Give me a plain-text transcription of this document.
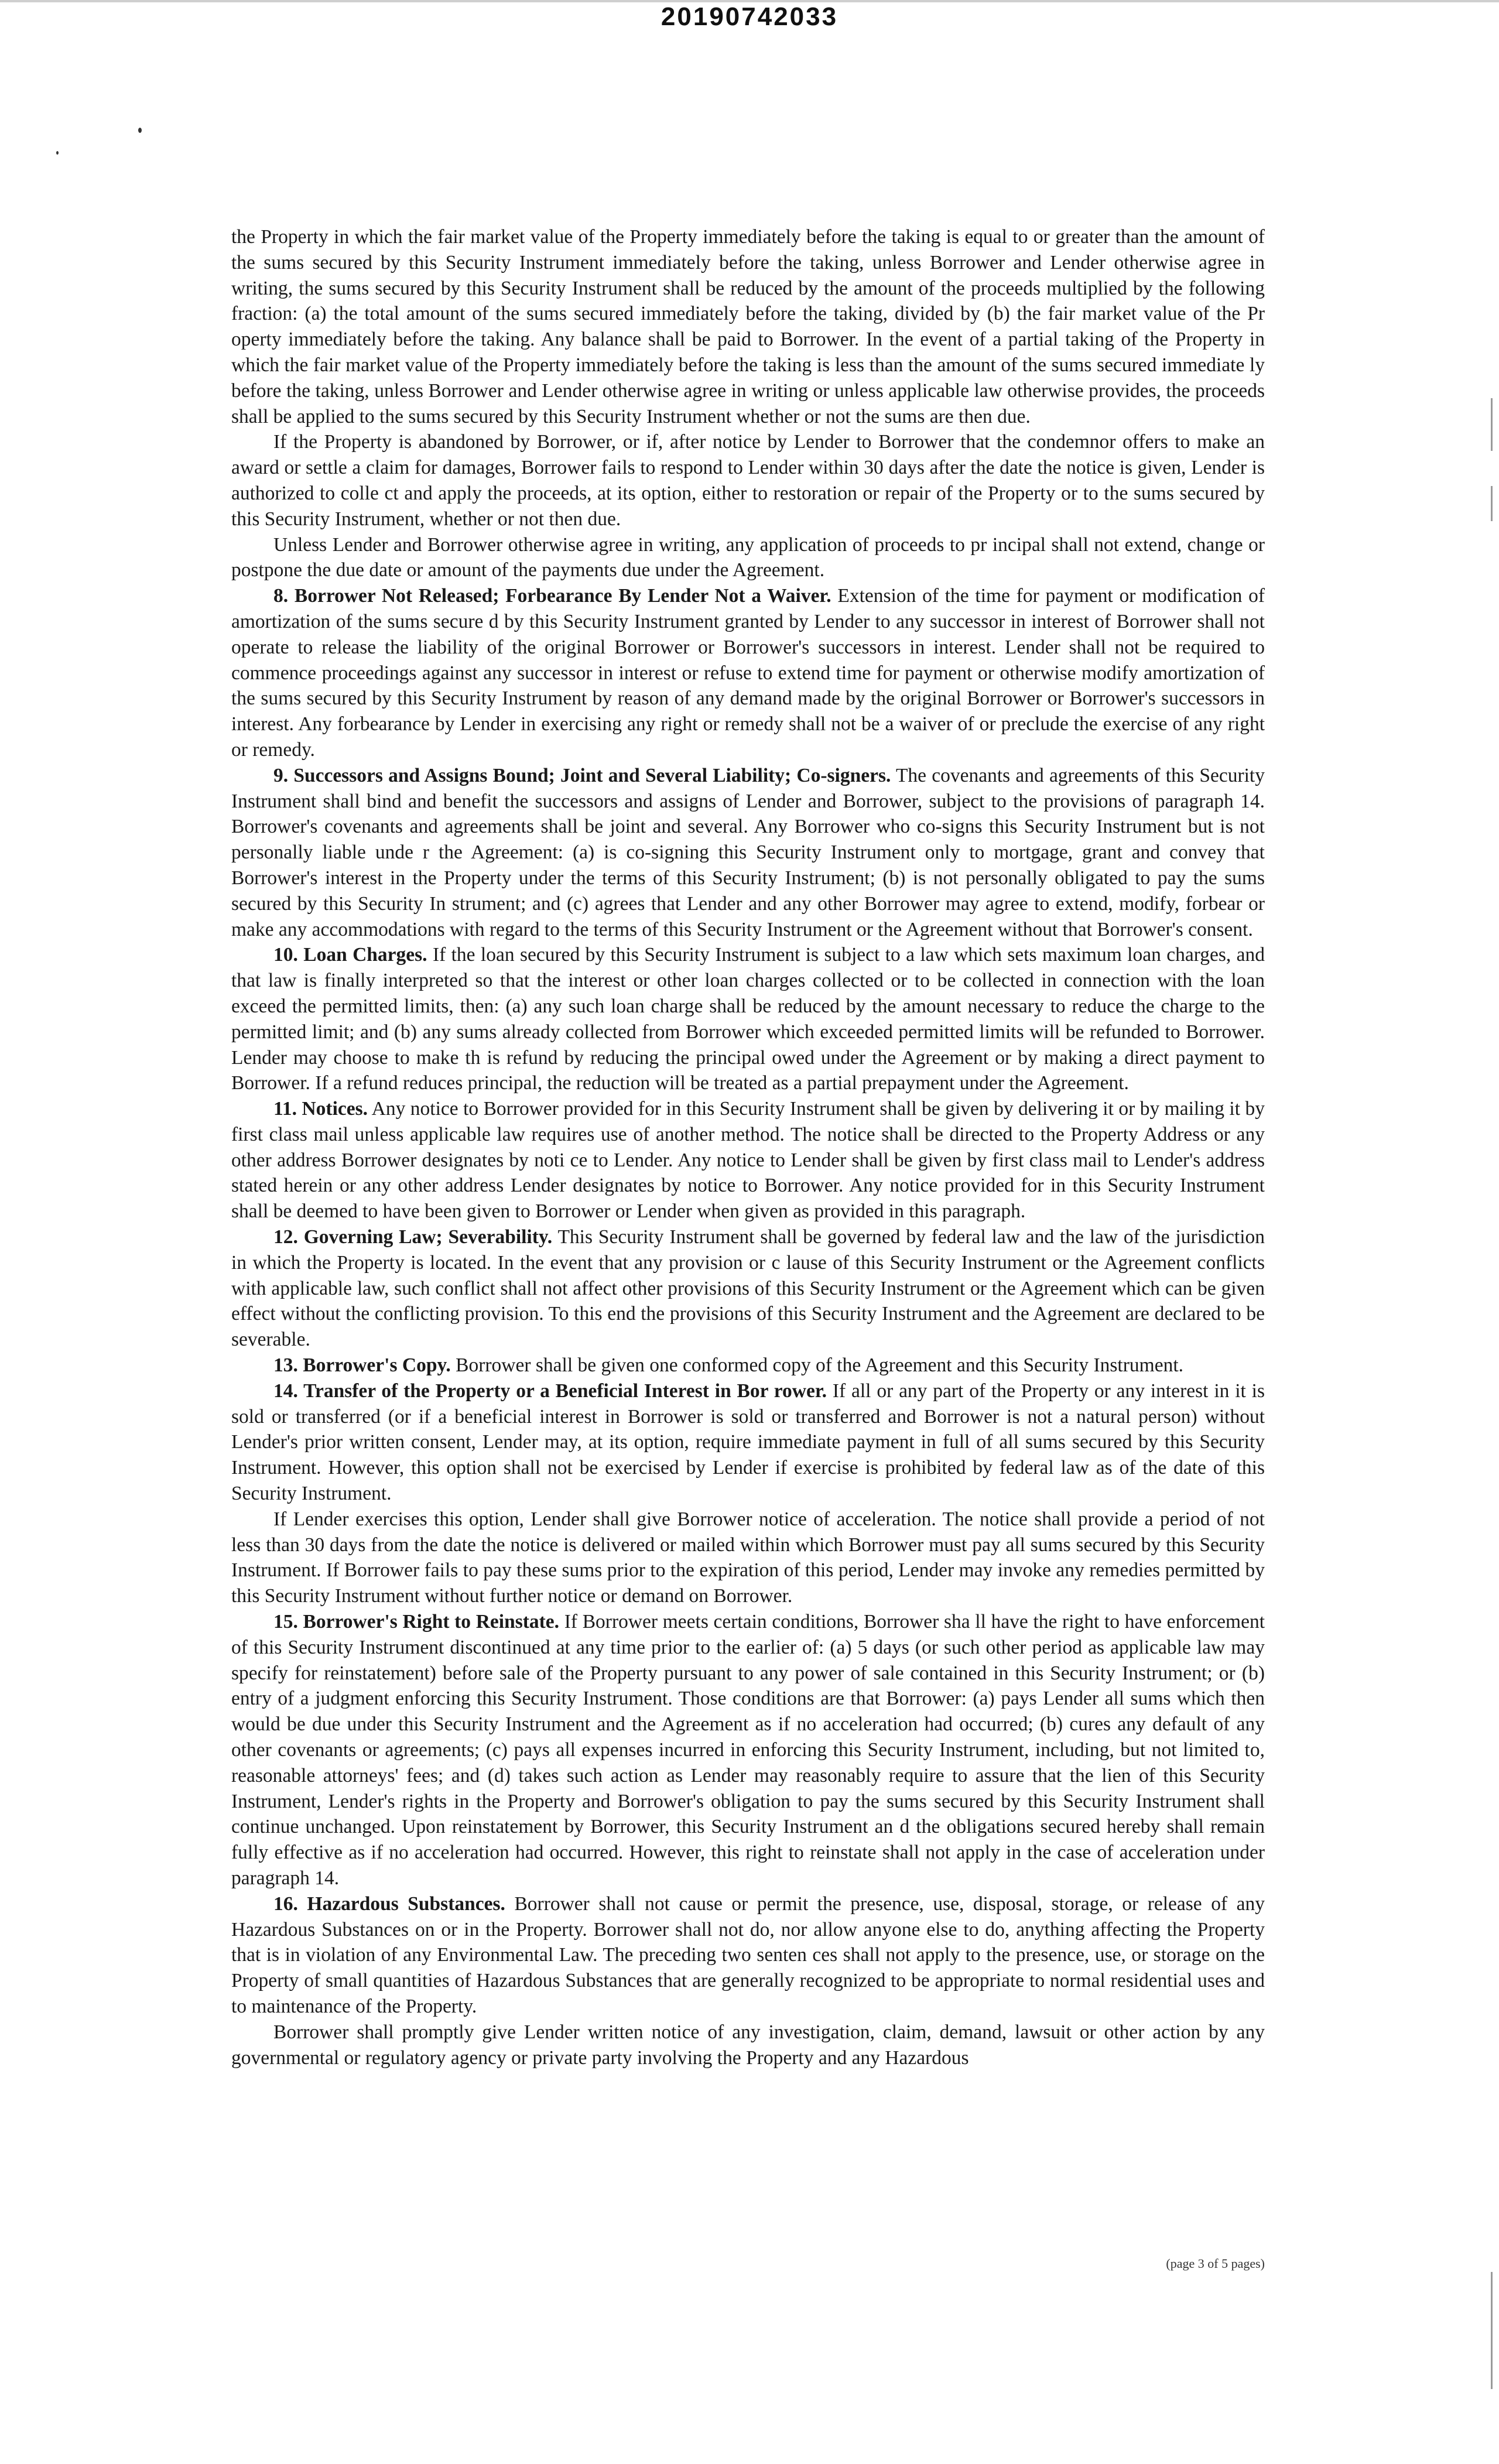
20190742033

the Property in which the fair market value of the Property immediately before the taking is equal to or greater than the amount of the sums secured by this Security Instrument immediately before the taking, unless Borrower and Lender otherwise agree in writing, the sums secured by this Security Instrument shall be reduced by the amount of the proceeds multiplied by the following fraction: (a) the total amount of the sums secured immediately before the taking, divided by (b) the fair market value of the Pr operty immediately before the taking. Any balance shall be paid to Borrower. In the event of a partial taking of the Property in which the fair market value of the Property immediately before the taking is less than the amount of the sums secured immediate ly before the taking, unless Borrower and Lender otherwise agree in writing or unless applicable law otherwise provides, the proceeds shall be applied to the sums secured by this Security Instrument whether or not the sums are then due.

If the Property is abandoned by Borrower, or if, after notice by Lender to Borrower that the condemnor offers to make an award or settle a claim for damages, Borrower fails to respond to Lender within 30 days after the date the notice is given, Lender is authorized to colle ct and apply the proceeds, at its option, either to restoration or repair of the Property or to the sums secured by this Security Instrument, whether or not then due.

Unless Lender and Borrower otherwise agree in writing, any application of proceeds to pr incipal shall not extend, change or postpone the due date or amount of the payments due under the Agreement.

8. Borrower Not Released; Forbearance By Lender Not a Waiver. Extension of the time for payment or modification of amortization of the sums secure d by this Security Instrument granted by Lender to any successor in interest of Borrower shall not operate to release the liability of the original Borrower or Borrower's successors in interest. Lender shall not be required to commence proceedings against any successor in interest or refuse to extend time for payment or otherwise modify amortization of the sums secured by this Security Instrument by reason of any demand made by the original Borrower or Borrower's successors in interest. Any forbearance by Lender in exercising any right or remedy shall not be a waiver of or preclude the exercise of any right or remedy.

9. Successors and Assigns Bound; Joint and Several Liability; Co-signers. The covenants and agreements of this Security Instrument shall bind and benefit the successors and assigns of Lender and Borrower, subject to the provisions of paragraph 14. Borrower's covenants and agreements shall be joint and several. Any Borrower who co-signs this Security Instrument but is not personally liable unde r the Agreement: (a) is co-signing this Security Instrument only to mortgage, grant and convey that Borrower's interest in the Property under the terms of this Security Instrument; (b) is not personally obligated to pay the sums secured by this Security In strument; and (c) agrees that Lender and any other Borrower may agree to extend, modify, forbear or make any accommodations with regard to the terms of this Security Instrument or the Agreement without that Borrower's consent.

10. Loan Charges. If the loan secured by this Security Instrument is subject to a law which sets maximum loan charges, and that law is finally interpreted so that the interest or other loan charges collected or to be collected in connection with the loan exceed the permitted limits, then: (a) any such loan charge shall be reduced by the amount necessary to reduce the charge to the permitted limit; and (b) any sums already collected from Borrower which exceeded permitted limits will be refunded to Borrower. Lender may choose to make th is refund by reducing the principal owed under the Agreement or by making a direct payment to Borrower. If a refund reduces principal, the reduction will be treated as a partial prepayment under the Agreement.

11. Notices. Any notice to Borrower provided for in this Security Instrument shall be given by delivering it or by mailing it by first class mail unless applicable law requires use of another method. The notice shall be directed to the Property Address or any other address Borrower designates by noti ce to Lender. Any notice to Lender shall be given by first class mail to Lender's address stated herein or any other address Lender designates by notice to Borrower. Any notice provided for in this Security Instrument shall be deemed to have been given to Borrower or Lender when given as provided in this paragraph.

12. Governing Law; Severability. This Security Instrument shall be governed by federal law and the law of the jurisdiction in which the Property is located. In the event that any provision or c lause of this Security Instrument or the Agreement conflicts with applicable law, such conflict shall not affect other provisions of this Security Instrument or the Agreement which can be given effect without the conflicting provision. To this end the provisions of this Security Instrument and the Agreement are declared to be severable.

13. Borrower's Copy. Borrower shall be given one conformed copy of the Agreement and this Security Instrument.

14. Transfer of the Property or a Beneficial Interest in Bor rower. If all or any part of the Property or any interest in it is sold or transferred (or if a beneficial interest in Borrower is sold or transferred and Borrower is not a natural person) without Lender's prior written consent, Lender may, at its option, require immediate payment in full of all sums secured by this Security Instrument. However, this option shall not be exercised by Lender if exercise is prohibited by federal law as of the date of this Security Instrument.

If Lender exercises this option, Lender shall give Borrower notice of acceleration. The notice shall provide a period of not less than 30 days from the date the notice is delivered or mailed within which Borrower must pay all sums secured by this Security Instrument. If Borrower fails to pay these sums prior to the expiration of this period, Lender may invoke any remedies permitted by this Security Instrument without further notice or demand on Borrower.

15. Borrower's Right to Reinstate. If Borrower meets certain conditions, Borrower sha ll have the right to have enforcement of this Security Instrument discontinued at any time prior to the earlier of: (a) 5 days (or such other period as applicable law may specify for reinstatement) before sale of the Property pursuant to any power of sale contained in this Security Instrument; or (b) entry of a judgment enforcing this Security Instrument. Those conditions are that Borrower: (a) pays Lender all sums which then would be due under this Security Instrument and the Agreement as if no acceleration had occurred; (b) cures any default of any other covenants or agreements; (c) pays all expenses incurred in enforcing this Security Instrument, including, but not limited to, reasonable attorneys' fees; and (d) takes such action as Lender may reasonably require to assure that the lien of this Security Instrument, Lender's rights in the Property and Borrower's obligation to pay the sums secured by this Security Instrument shall continue unchanged. Upon reinstatement by Borrower, this Security Instrument an d the obligations secured hereby shall remain fully effective as if no acceleration had occurred. However, this right to reinstate shall not apply in the case of acceleration under paragraph 14.

16. Hazardous Substances. Borrower shall not cause or permit the presence, use, disposal, storage, or release of any Hazardous Substances on or in the Property. Borrower shall not do, nor allow anyone else to do, anything affecting the Property that is in violation of any Environmental Law. The preceding two senten ces shall not apply to the presence, use, or storage on the Property of small quantities of Hazardous Substances that are generally recognized to be appropriate to normal residential uses and to maintenance of the Property.

Borrower shall promptly give Lender written notice of any investigation, claim, demand, lawsuit or other action by any governmental or regulatory agency or private party involving the Property and any Hazardous

(page 3 of 5 pages)
